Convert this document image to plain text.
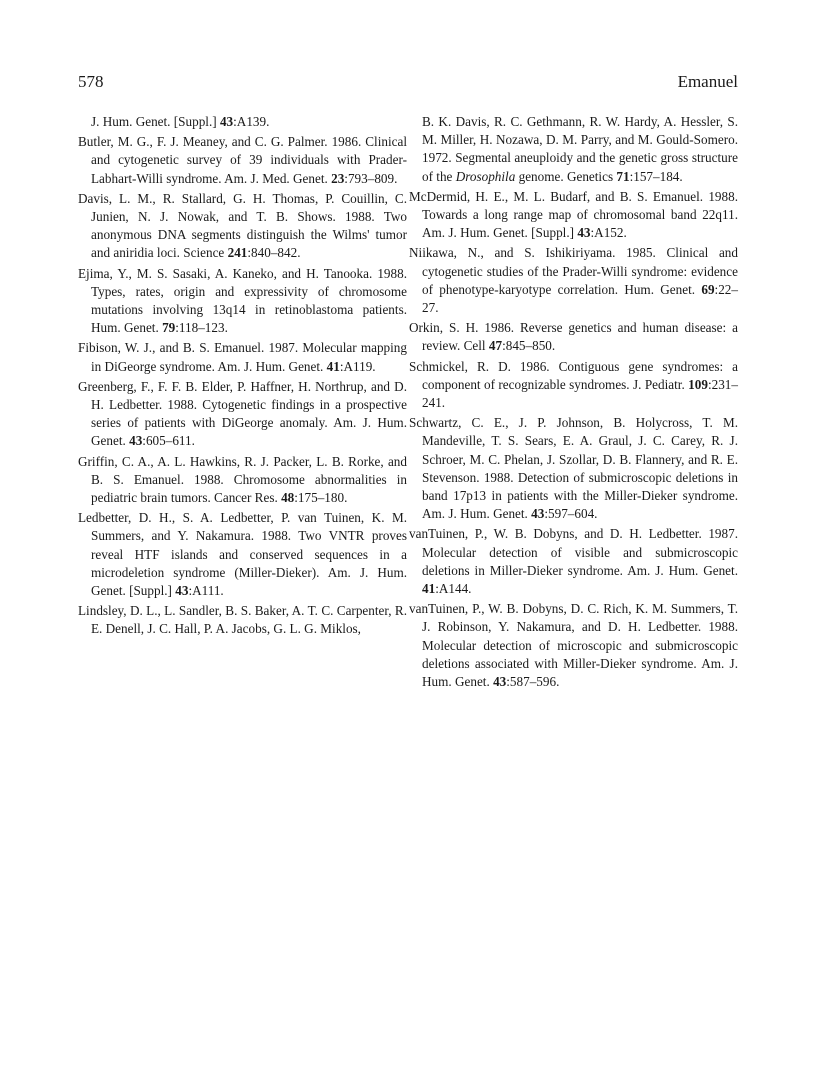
578	Emanuel

J. Hum. Genet. [Suppl.] 43:A139.

Butler, M. G., F. J. Meaney, and C. G. Palmer. 1986. Clinical and cytogenetic survey of 39 individuals with Prader-Labhart-Willi syndrome. Am. J. Med. Genet. 23:793–809.

Davis, L. M., R. Stallard, G. H. Thomas, P. Couillin, C. Junien, N. J. Nowak, and T. B. Shows. 1988. Two anonymous DNA segments distinguish the Wilms' tumor and aniridia loci. Science 241:840–842.

Ejima, Y., M. S. Sasaki, A. Kaneko, and H. Tanooka. 1988. Types, rates, origin and expressivity of chromosome mutations involving 13q14 in retinoblastoma patients. Hum. Genet. 79:118–123.

Fibison, W. J., and B. S. Emanuel. 1987. Molecular mapping in DiGeorge syndrome. Am. J. Hum. Genet. 41:A119.

Greenberg, F., F. F. B. Elder, P. Haffner, H. Northrup, and D. H. Ledbetter. 1988. Cytogenetic findings in a prospective series of patients with DiGeorge anomaly. Am. J. Hum. Genet. 43:605–611.

Griffin, C. A., A. L. Hawkins, R. J. Packer, L. B. Rorke, and B. S. Emanuel. 1988. Chromosome abnormalities in pediatric brain tumors. Cancer Res. 48:175–180.

Ledbetter, D. H., S. A. Ledbetter, P. van Tuinen, K. M. Summers, and Y. Nakamura. 1988. Two VNTR proves reveal HTF islands and conserved sequences in a microdeletion syndrome (Miller-Dieker). Am. J. Hum. Genet. [Suppl.] 43:A111.

Lindsley, D. L., L. Sandler, B. S. Baker, A. T. C. Carpenter, R. E. Denell, J. C. Hall, P. A. Jacobs, G. L. G. Miklos,

B. K. Davis, R. C. Gethmann, R. W. Hardy, A. Hessler, S. M. Miller, H. Nozawa, D. M. Parry, and M. Gould-Somero. 1972. Segmental aneuploidy and the genetic gross structure of the Drosophila genome. Genetics 71:157–184.

McDermid, H. E., M. L. Budarf, and B. S. Emanuel. 1988. Towards a long range map of chromosomal band 22q11. Am. J. Hum. Genet. [Suppl.] 43:A152.

Niikawa, N., and S. Ishikiriyama. 1985. Clinical and cytogenetic studies of the Prader-Willi syndrome: evidence of phenotype-karyotype correlation. Hum. Genet. 69:22–27.

Orkin, S. H. 1986. Reverse genetics and human disease: a review. Cell 47:845–850.

Schmickel, R. D. 1986. Contiguous gene syndromes: a component of recognizable syndromes. J. Pediatr. 109:231–241.

Schwartz, C. E., J. P. Johnson, B. Holycross, T. M. Mandeville, T. S. Sears, E. A. Graul, J. C. Carey, R. J. Schroer, M. C. Phelan, J. Szollar, D. B. Flannery, and R. E. Stevenson. 1988. Detection of submicroscopic deletions in band 17p13 in patients with the Miller-Dieker syndrome. Am. J. Hum. Genet. 43:597–604.

vanTuinen, P., W. B. Dobyns, and D. H. Ledbetter. 1987. Molecular detection of visible and submicroscopic deletions in Miller-Dieker syndrome. Am. J. Hum. Genet. 41:A144.

vanTuinen, P., W. B. Dobyns, D. C. Rich, K. M. Summers, T. J. Robinson, Y. Nakamura, and D. H. Ledbetter. 1988. Molecular detection of microscopic and submicroscopic deletions associated with Miller-Dieker syndrome. Am. J. Hum. Genet. 43:587–596.
